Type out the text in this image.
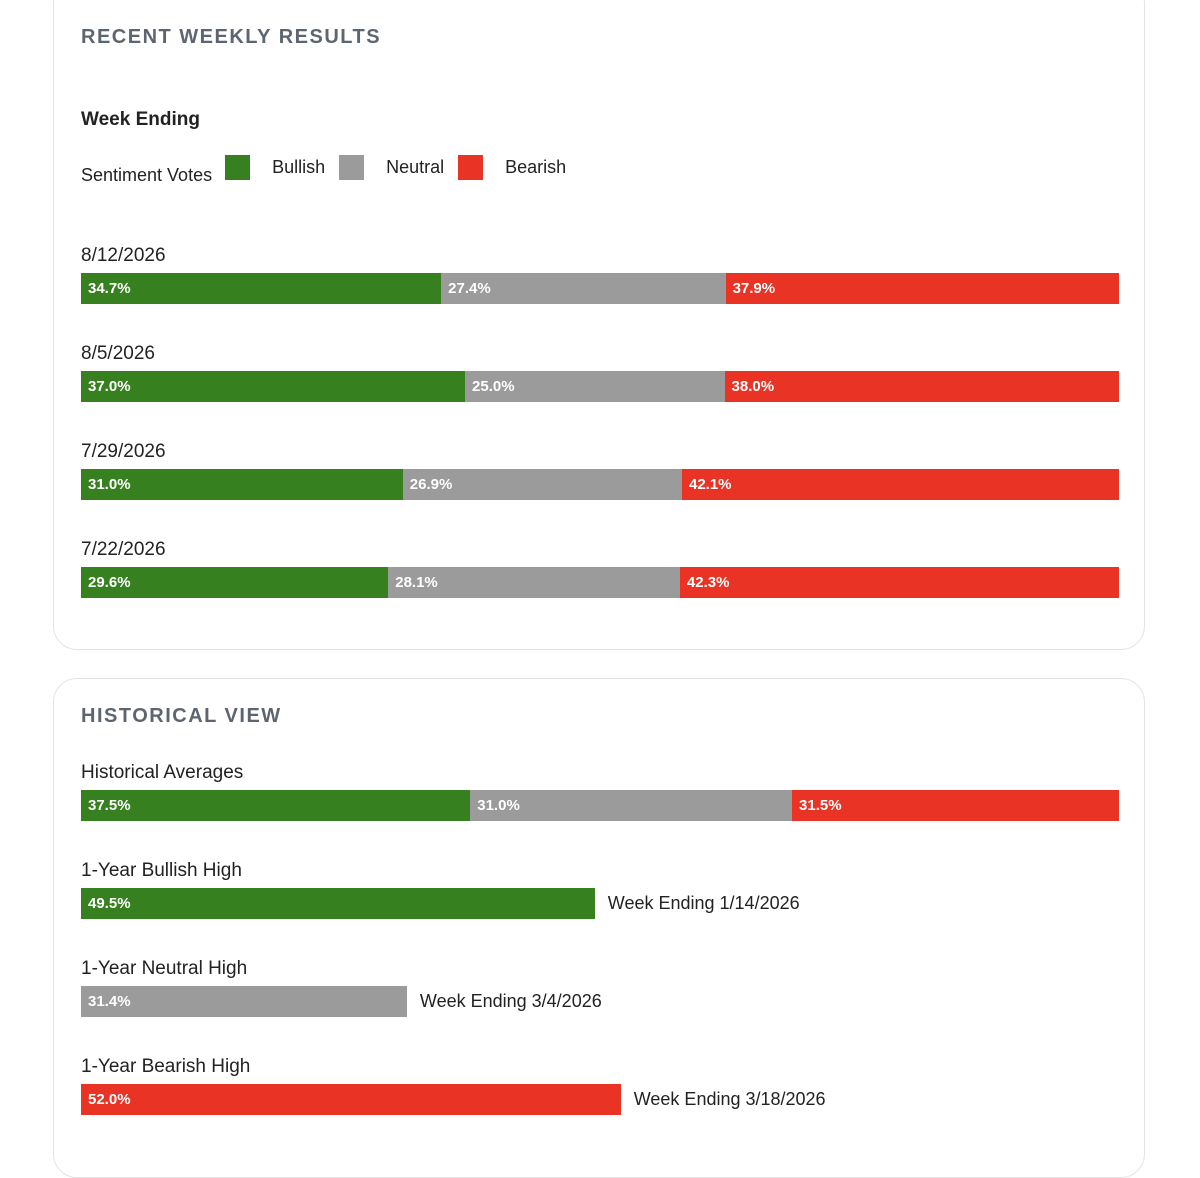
RECENT WEEKLY RESULTS
Week Ending
Sentiment Votes	Bullish	Neutral	Bearish
8/12/2026
34.7%	27.4%	37.9%
8/5/2026
37.0%	25.0%	38.0%
7/29/2026
31.0%	26.9%	42.1%
7/22/2026
29.6%	28.1%	42.3%
HISTORICAL VIEW
Historical Averages
37.5%	31.0%	31.5%
1-Year Bullish High
49.5%	Week Ending 1/14/2026
1-Year Neutral High
31.4%	Week Ending 3/4/2026
1-Year Bearish High
52.0%	Week Ending 3/18/2026
